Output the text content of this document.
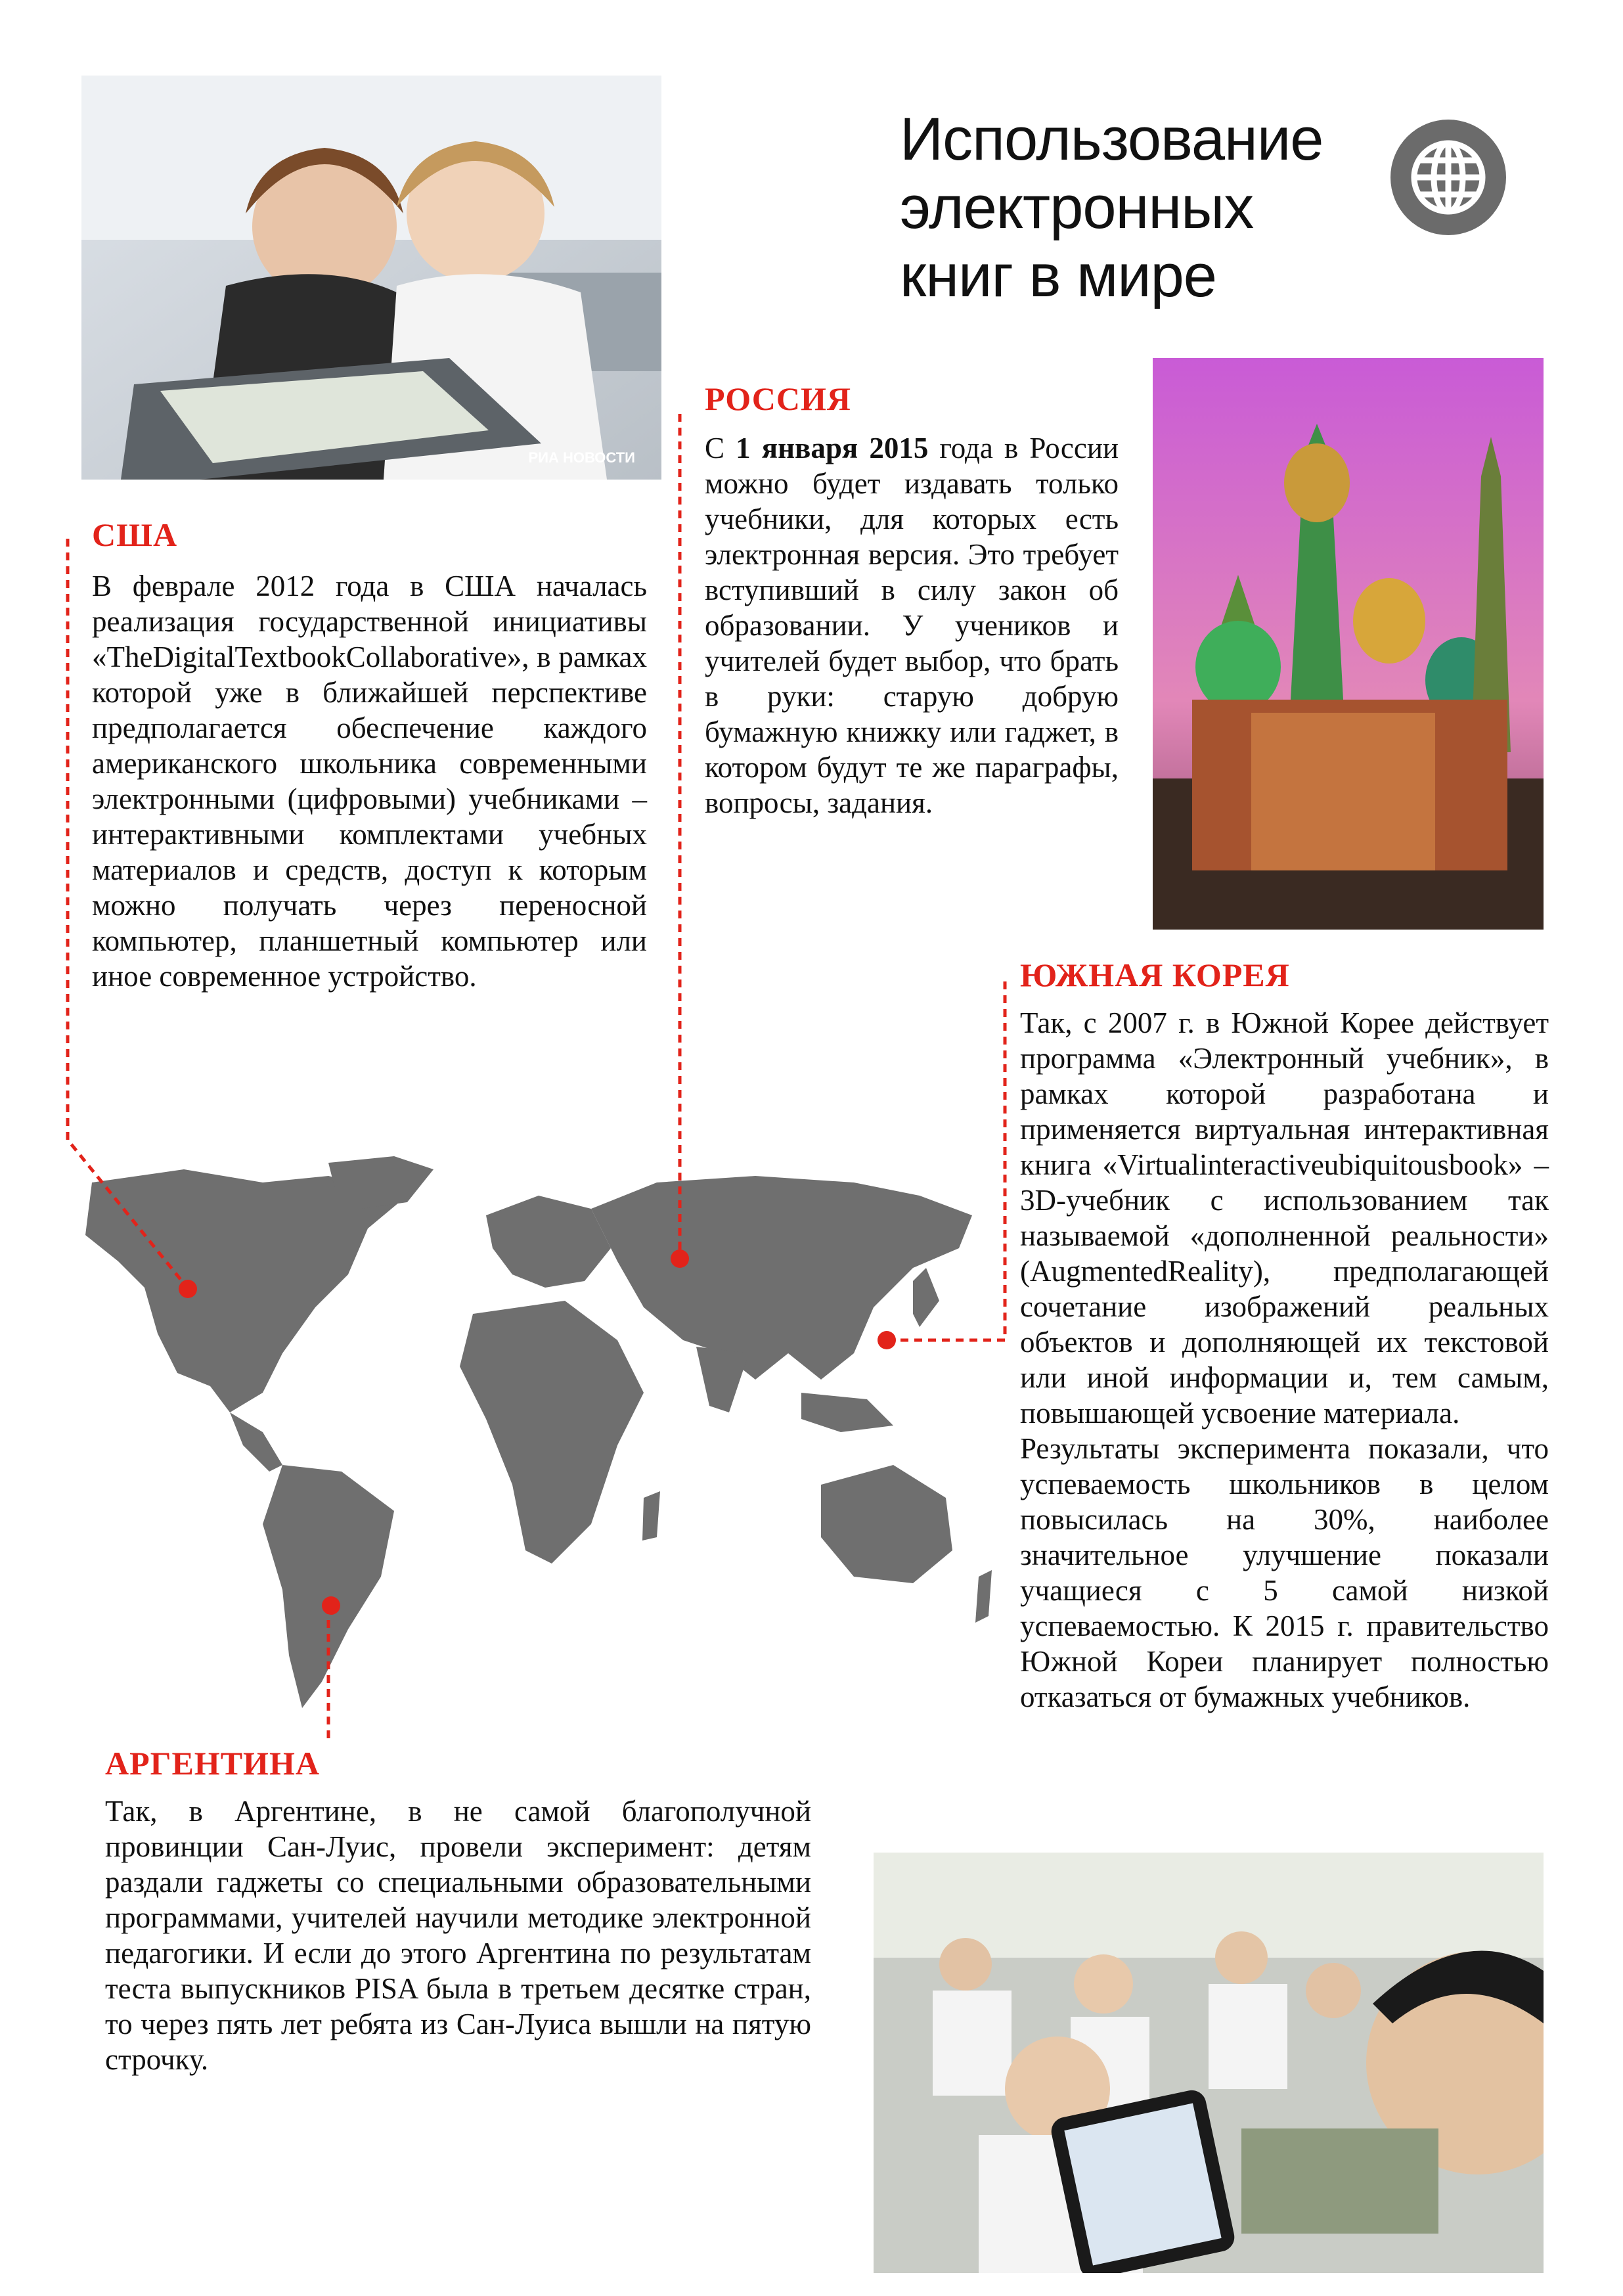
Использование электронных книг в мире
РИА НОВОСТИ
США
В феврале 2012 года в США началась реализация государственной инициативы «TheDigitalTextbookCollaborative», в рамках которой уже в ближайшей перспективе предполагается обеспечение каждого американского школьника современными электронными (цифровыми) учебниками – интерактивными комплектами учебных материалов и средств, доступ к которым можно получать через переносной компьютер, планшетный компьютер или иное современное устройство.
РОССИЯ
С 1 января 2015 года в России можно будет издавать только учебники, для которых есть электронная версия. Это требует вступивший в силу закон об образовании. У учеников и учителей будет выбор, что брать в руки: старую добрую бумажную книжку или гаджет, в котором будут те же параграфы, вопросы, задания.
ЮЖНАЯ КОРЕЯ

Так, с 2007 г. в Южной Корее действует программа «Электронный учебник», в рамках которой разработана и применяется виртуальная интерактивная книга «Virtualinteractiveubiquitousbook» – 3D-учебник с использованием так называемой «дополненной реальности» (AugmentedReality), предполагающей сочетание изображений реальных объектов и дополняющей их текстовой или иной информации и, тем самым, повышающей усвоение материала.

Результаты эксперимента показали, что успеваемость школьников в целом повысилась на 30%, наиболее значительное улучшение показали учащиеся с 5 самой низкой успеваемостью. К 2015 г. правительство Южной Кореи планирует полностью отказаться от бумажных учебников.

АРГЕНТИНА
Так, в Аргентине, в не самой благополучной провинции Сан-Луис, провели эксперимент: детям раздали гаджеты со специальными образовательными программами, учителей научили методике электронной педагогики. И если до этого Аргентина по результатам теста выпускников PISA была в третьем десятке стран, то через пять лет ребята из Сан-Луиса вышли на пятую строчку.
